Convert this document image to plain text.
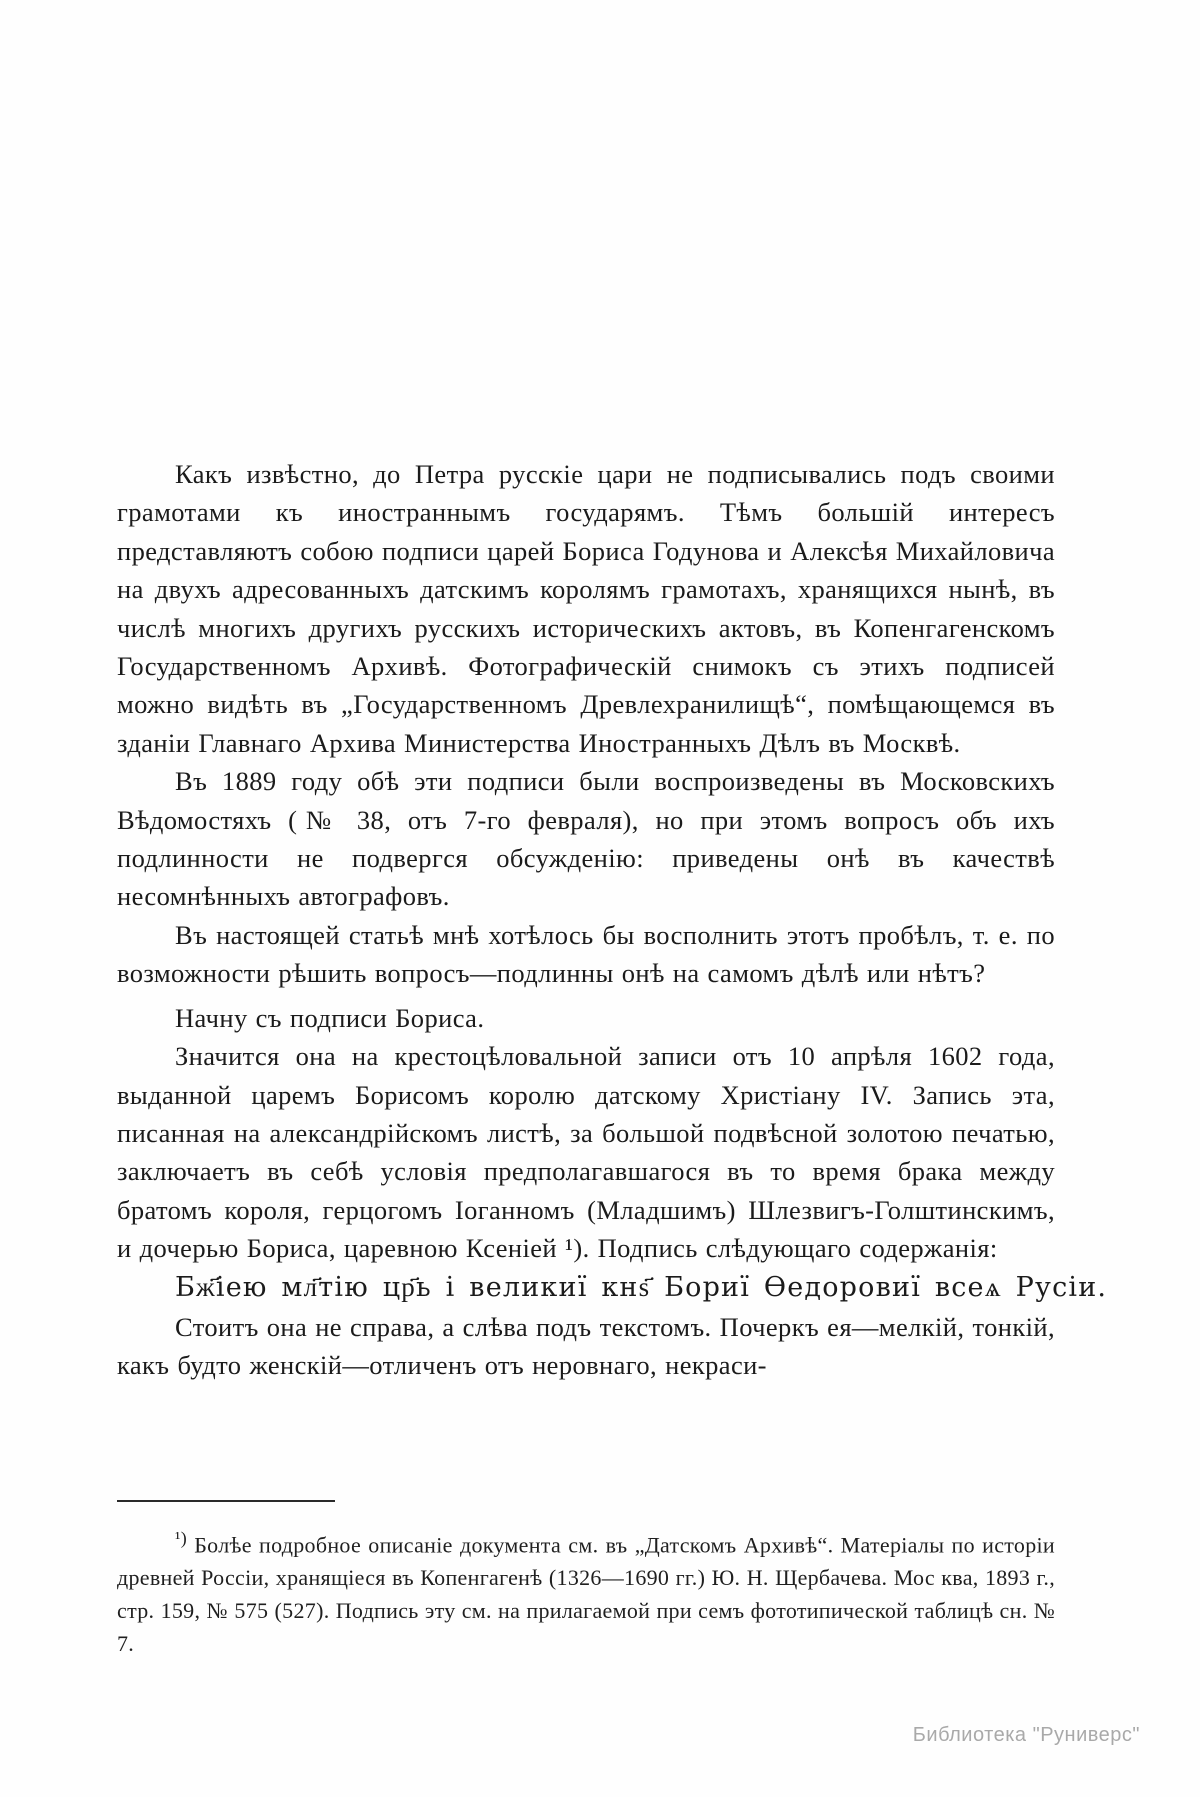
Какъ извѣстно, до Петра русскіе цари не подписывались подъ своими грамотами къ иностраннымъ государямъ. Тѣмъ большій интересъ представляютъ собою подписи царей Бориса Годунова и Алексѣя Михайловича на двухъ адресованныхъ датскимъ королямъ грамотахъ, хранящихся нынѣ, въ числѣ многихъ другихъ русскихъ историческихъ актовъ, въ Копенгагенскомъ Государственномъ Архивѣ. Фотографическій снимокъ съ этихъ подписей можно видѣть въ „Государственномъ Древлехранилищѣ“, помѣщающемся въ зданіи Главнаго Архива Министерства Иностранныхъ Дѣлъ въ Москвѣ.

Въ 1889 году обѣ эти подписи были воспроизведены въ Московскихъ Вѣдомостяхъ (№ 38, отъ 7-го февраля), но при этомъ вопросъ объ ихъ подлинности не подвергся обсужденію: приведены онѣ въ качествѣ несомнѣнныхъ автографовъ.

Въ настоящей статьѣ мнѣ хотѣлось бы восполнить этотъ пробѣлъ, т. е. по возможности рѣшить вопросъ—подлинны онѣ на самомъ дѣлѣ или нѣтъ?

Начну съ подписи Бориса.

Значится она на крестоцѣловальной записи отъ 10 апрѣля 1602 года, выданной царемъ Борисомъ королю датскому Христіану IV. Запись эта, писанная на александрійскомъ листѣ, за большой подвѣсной золотою печатью, заключаетъ въ себѣ условія предполагавшагося въ то время брака между братомъ короля, герцогомъ Іоганномъ (Младшимъ) Шлезвигъ-Голштинскимъ, и дочерью Бориса, царевною Ксеніей ¹). Подпись слѣдующаго содержанія:

Бж҃іею мл҃тію цр҃ь і великиї кнѕ҃ Бориї Ѳедоровиї всеѧ Русіи.

Стоитъ она не справа, а слѣва подъ текстомъ. Почеркъ ея—мелкій, тонкій, какъ будто женскій—отличенъ отъ неровнаго, некраси-

$^{^1)}$ Болѣе подробное описаніе документа см. въ „Датскомъ Архивѣ“. Матеріалы по исторіи древней Россіи, хранящіеся въ Копенгагенѣ (1326—1690 гг.) Ю. Н. Щербачева. Мос ква, 1893 г., стр. 159, № 575 (527). Подпись эту см. на прилагаемой при семъ фототипической таблицѣ сн. № 7.
Библиотека "Руниверс"
